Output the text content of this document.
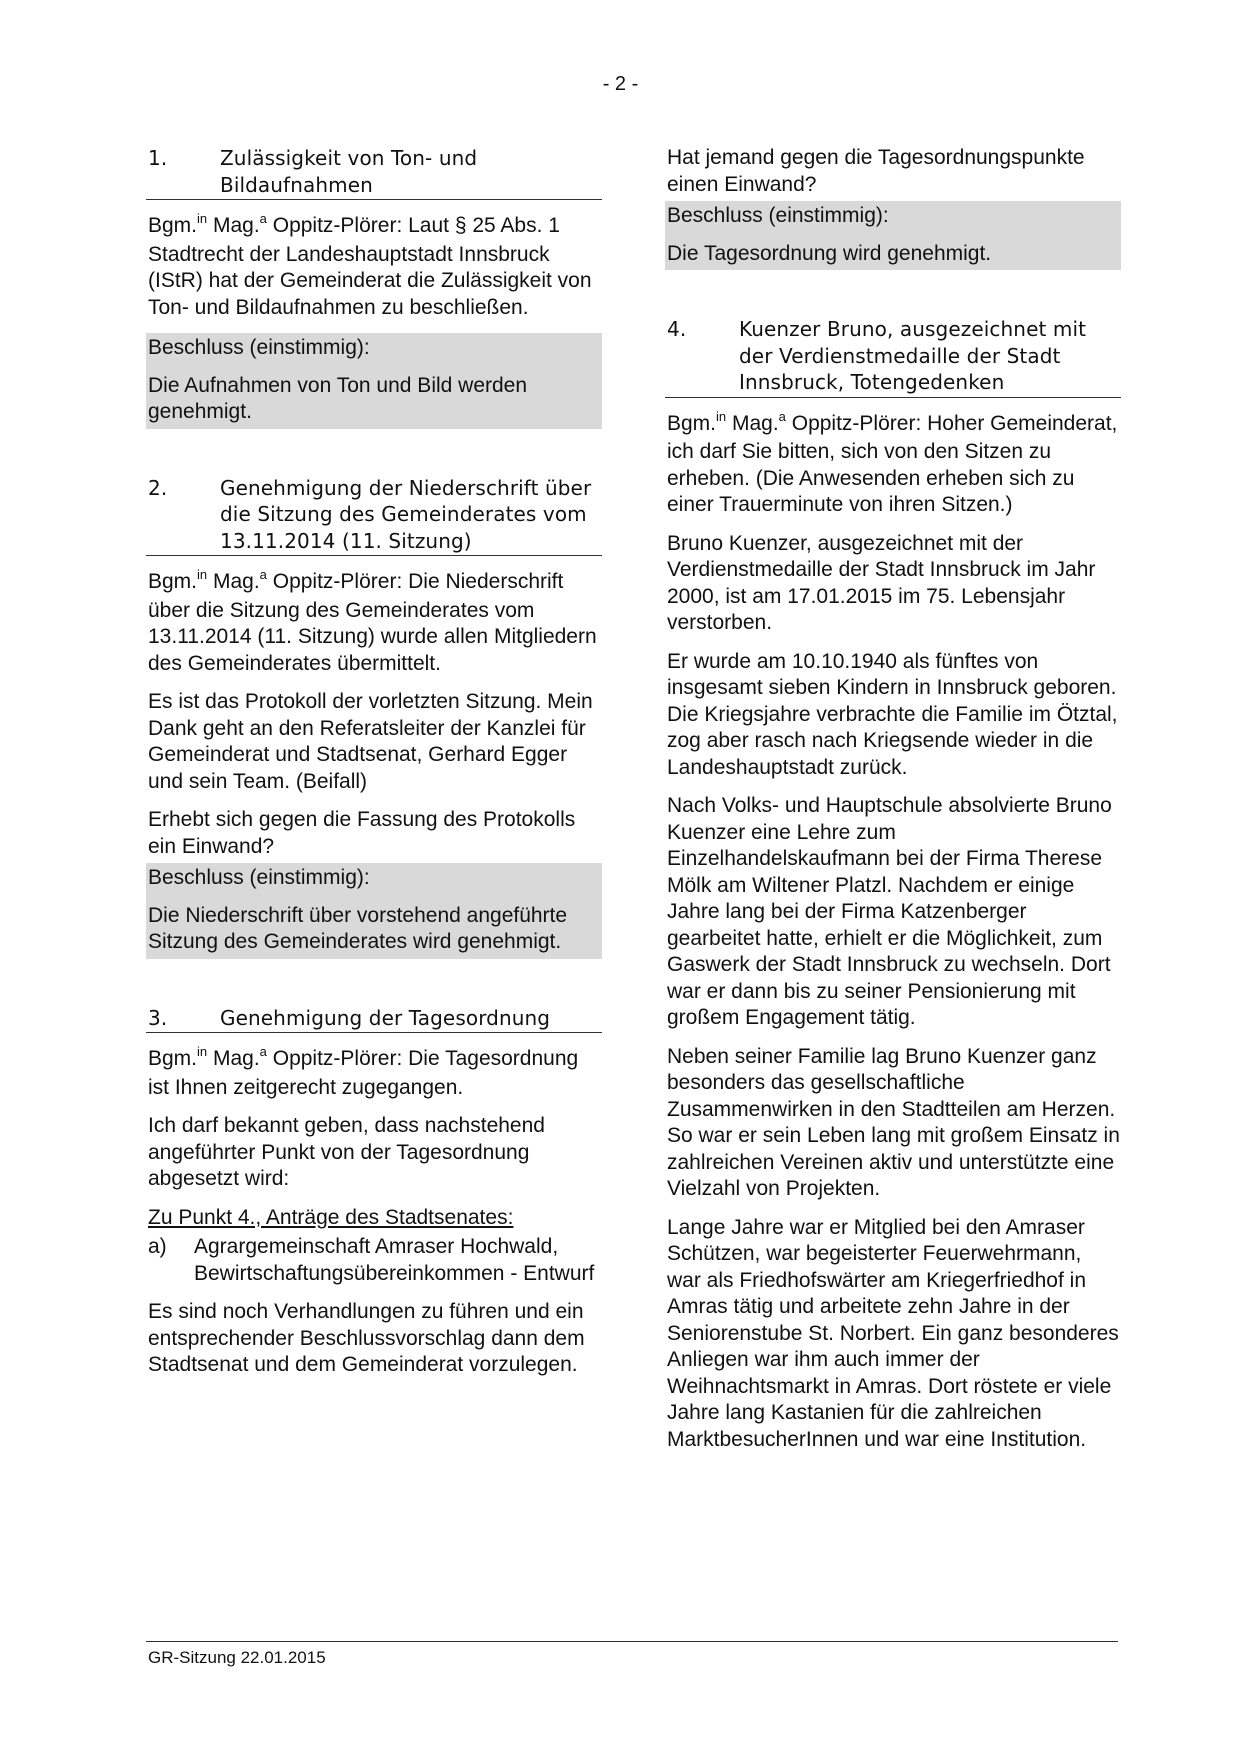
- 2 -
1.	Zulässigkeit von Ton- und Bildaufnahmen

Bgm.$^{in}$ Mag.$^a$ Oppitz-Plörer: Laut § 25 Abs. 1 Stadtrecht der Landeshauptstadt Innsbruck (IStR) hat der Gemeinderat die Zulässigkeit von Ton- und Bildaufnahmen zu beschließen.

Beschluss (einstimmig):

Die Aufnahmen von Ton und Bild werden genehmigt.

2.	Genehmigung der Niederschrift über die Sitzung des Gemeinderates vom 13.11.2014 (11. Sitzung)

Bgm.$^{in}$ Mag.$^a$ Oppitz-Plörer: Die Niederschrift über die Sitzung des Gemeinderates vom 13.11.2014 (11. Sitzung) wurde allen Mitgliedern des Gemeinderates übermittelt.

Es ist das Protokoll der vorletzten Sitzung. Mein Dank geht an den Referatsleiter der Kanzlei für Gemeinderat und Stadtsenat, Gerhard Egger und sein Team. (Beifall)

Erhebt sich gegen die Fassung des Protokolls ein Einwand?

Beschluss (einstimmig):

Die Niederschrift über vorstehend angeführte Sitzung des Gemeinderates wird genehmigt.

3.	Genehmigung der Tagesordnung

Bgm.$^{in}$ Mag.$^a$ Oppitz-Plörer: Die Tagesordnung ist Ihnen zeitgerecht zugegangen.

Ich darf bekannt geben, dass nachstehend angeführter Punkt von der Tagesordnung abgesetzt wird:

Zu Punkt 4., Anträge des Stadtsenates:

a)	Agrargemeinschaft Amraser Hochwald, Bewirtschaftungsübereinkommen - Entwurf

Es sind noch Verhandlungen zu führen und ein entsprechender Beschlussvorschlag dann dem Stadtsenat und dem Gemeinderat vorzulegen.

Hat jemand gegen die Tagesordnungspunkte einen Einwand?

Beschluss (einstimmig):

Die Tagesordnung wird genehmigt.

4.	Kuenzer Bruno, ausgezeichnet mit der Verdienstmedaille der Stadt Innsbruck, Totengedenken

Bgm.$^{in}$ Mag.$^a$ Oppitz-Plörer: Hoher Gemeinderat, ich darf Sie bitten, sich von den Sitzen zu erheben. (Die Anwesenden erheben sich zu einer Trauerminute von ihren Sitzen.)

Bruno Kuenzer, ausgezeichnet mit der Verdienstmedaille der Stadt Innsbruck im Jahr 2000, ist am 17.01.2015 im 75. Lebensjahr verstorben.

Er wurde am 10.10.1940 als fünftes von insgesamt sieben Kindern in Innsbruck geboren. Die Kriegsjahre verbrachte die Familie im Ötztal, zog aber rasch nach Kriegsende wieder in die Landeshauptstadt zurück.

Nach Volks- und Hauptschule absolvierte Bruno Kuenzer eine Lehre zum Einzelhandelskaufmann bei der Firma Therese Mölk am Wiltener Platzl. Nachdem er einige Jahre lang bei der Firma Katzenberger gearbeitet hatte, erhielt er die Möglichkeit, zum Gaswerk der Stadt Innsbruck zu wechseln. Dort war er dann bis zu seiner Pensionierung mit großem Engagement tätig.

Neben seiner Familie lag Bruno Kuenzer ganz besonders das gesellschaftliche Zusammenwirken in den Stadtteilen am Herzen. So war er sein Leben lang mit großem Einsatz in zahlreichen Vereinen aktiv und unterstützte eine Vielzahl von Projekten.

Lange Jahre war er Mitglied bei den Amraser Schützen, war begeisterter Feuerwehrmann, war als Friedhofswärter am Kriegerfriedhof in Amras tätig und arbeitete zehn Jahre in der Seniorenstube St. Norbert. Ein ganz besonderes Anliegen war ihm auch immer der Weihnachtsmarkt in Amras. Dort röstete er viele Jahre lang Kastanien für die zahlreichen MarktbesucherInnen und war eine Institution.

GR-Sitzung 22.01.2015
